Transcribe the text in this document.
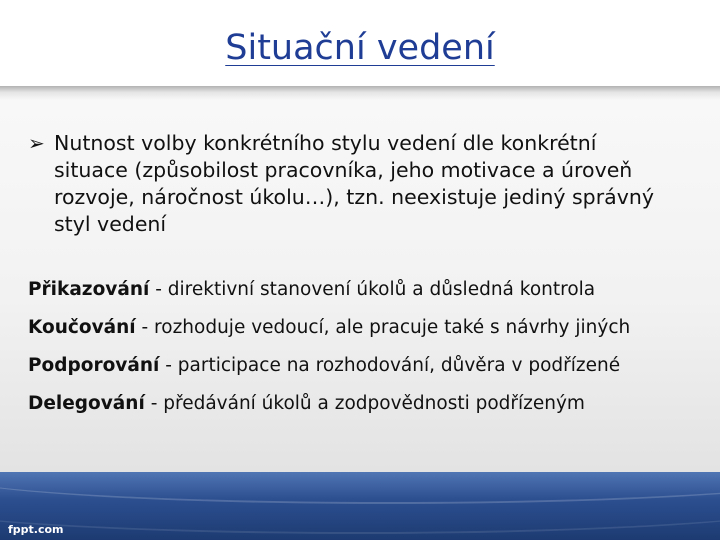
Situační vedení
➢ Nutnost volby konkrétního stylu vedení dle konkrétní situace (způsobilost pracovníka, jeho motivace a úroveň rozvoje, náročnost úkolu…), tzn. neexistuje jediný správný styl vedení
Přikazování - direktivní stanovení úkolů a důsledná kontrola
Koučování - rozhoduje vedoucí, ale pracuje také s návrhy jiných
Podporování - participace na rozhodování, důvěra v podřízené
Delegování - předávání úkolů a zodpovědnosti podřízeným
fppt.com
